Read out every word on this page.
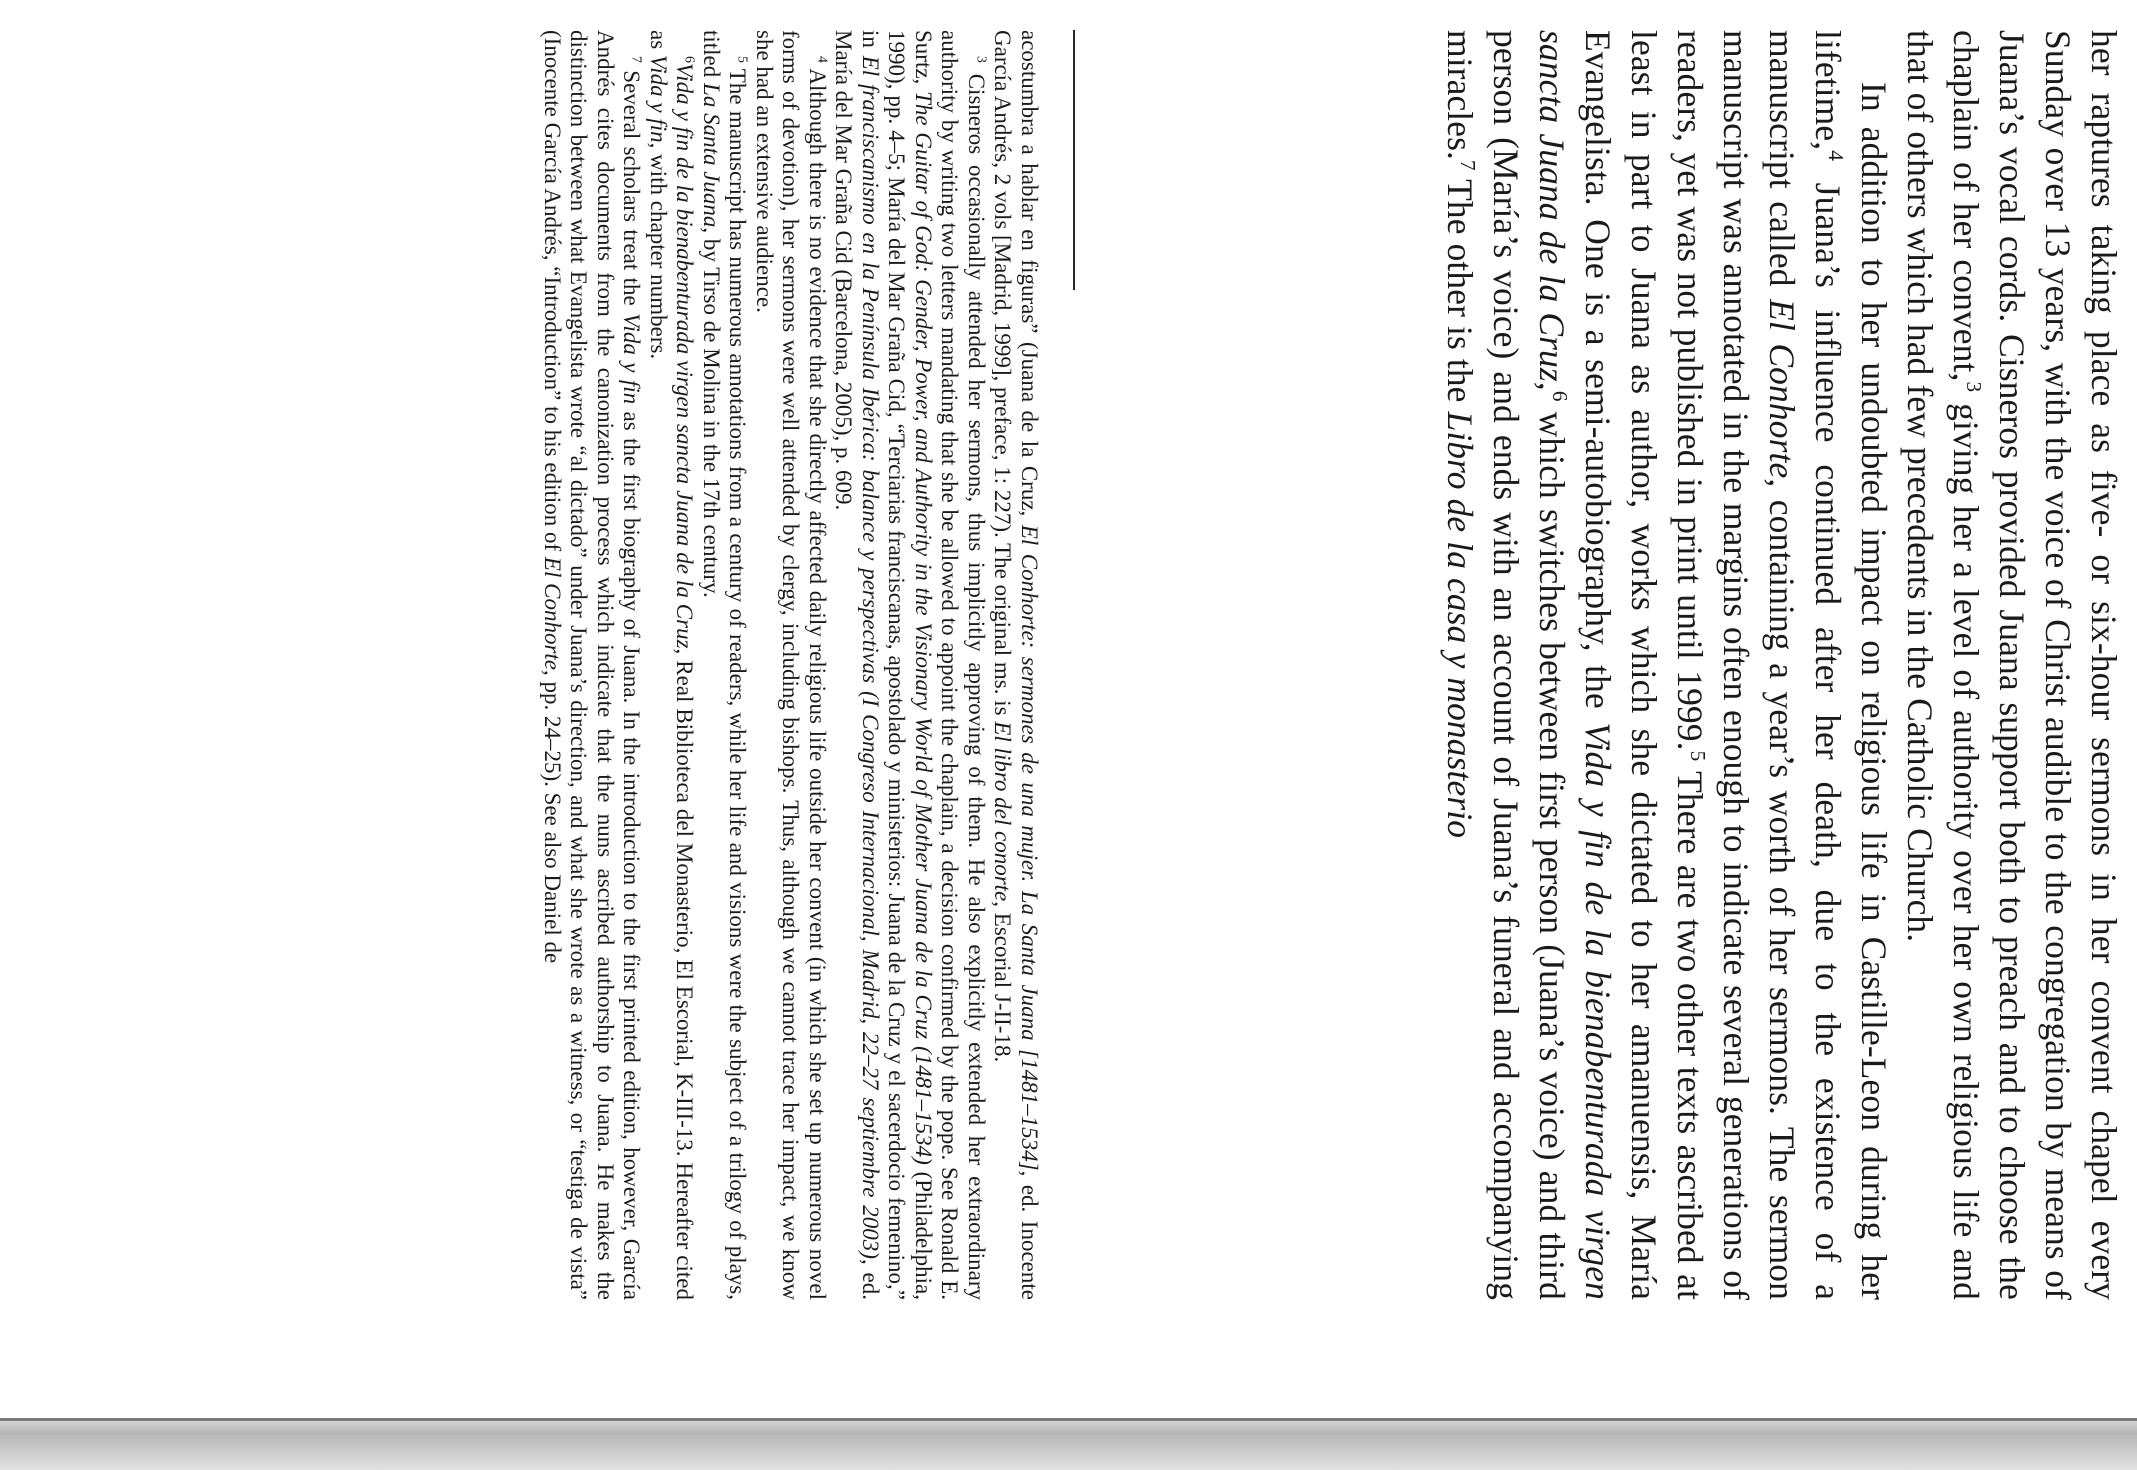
her raptures taking place as five- or six-hour sermons in her convent chapel every Sunday over 13 years, with the voice of Christ audible to the congregation by means of Juana’s vocal cords. Cisneros provided Juana support both to preach and to choose the chaplain of her convent,$^3$ giving her a level of authority over her own religious life and that of others which had few precedents in the Catholic Church.

In addition to her undoubted impact on religious life in Castille-Leon during her lifetime,$^4$ Juana’s influence continued after her death, due to the existence of a manuscript called El Conhorte, containing a year’s worth of her sermons. The sermon manuscript was annotated in the margins often enough to indicate several generations of readers, yet was not published in print until 1999.$^5$ There are two other texts ascribed at least in part to Juana as author, works which she dictated to her amanuensis, María Evangelista. One is a semi-autobiography, the Vida y fin de la bienabenturada virgen sancta Juana de la Cruz,$^6$ which switches between first person (Juana’s voice) and third person (María’s voice) and ends with an account of Juana’s funeral and accompanying miracles.$^7$ The other is the Libro de la casa y monasterio

acostumbra a hablar en figuras” (Juana de la Cruz, El Conhorte: sermones de una mujer. La Santa Juana [1481–1534], ed. Inocente García Andrés, 2 vols [Madrid, 1999], preface, 1: 227). The original ms. is El libro del conorte, Escorial J-II-18.

$^3$ Cisneros occasionally attended her sermons, thus implicitly approving of them. He also explicitly extended her extraordinary authority by writing two letters mandating that she be allowed to appoint the chaplain, a decision confirmed by the pope. See Ronald E. Surtz, The Guitar of God: Gender, Power, and Authority in the Visionary World of Mother Juana de la Cruz (1481–1534) (Philadelphia, 1990), pp. 4–5; María del Mar Graña Cid, “Terciarias franciscanas, apostolado y ministerios: Juana de la Cruz y el sacerdocio femenino,” in El franciscanismo en la Península Ibérica: balance y perspectivas (I Congreso Internacional, Madrid, 22–27 septiembre 2003), ed. María del Mar Graña Cid (Barcelona, 2005), p. 609.

$^4$ Although there is no evidence that she directly affected daily religious life outside her convent (in which she set up numerous novel forms of devotion), her sermons were well attended by clergy, including bishops. Thus, although we cannot trace her impact, we know she had an extensive audience.

$^5$ The manuscript has numerous annotations from a century of readers, while her life and visions were the subject of a trilogy of plays, titled La Santa Juana, by Tirso de Molina in the 17th century.

$^6$Vida y fin de la bienabenturada virgen sancta Juana de la Cruz, Real Biblioteca del Monasterio, El Escorial, K-III-13. Hereafter cited as Vida y fin, with chapter numbers.

$^7$ Several scholars treat the Vida y fin as the first biography of Juana. In the introduction to the first printed edition, however, García Andrés cites documents from the canonization process which indicate that the nuns ascribed authorship to Juana. He makes the distinction between what Evangelista wrote “al dictado” under Juana’s direction, and what she wrote as a witness, or “testiga de vista” (Inocente García Andrés, “Introduction” to his edition of El Conhorte, pp. 24–25). See also Daniel de
